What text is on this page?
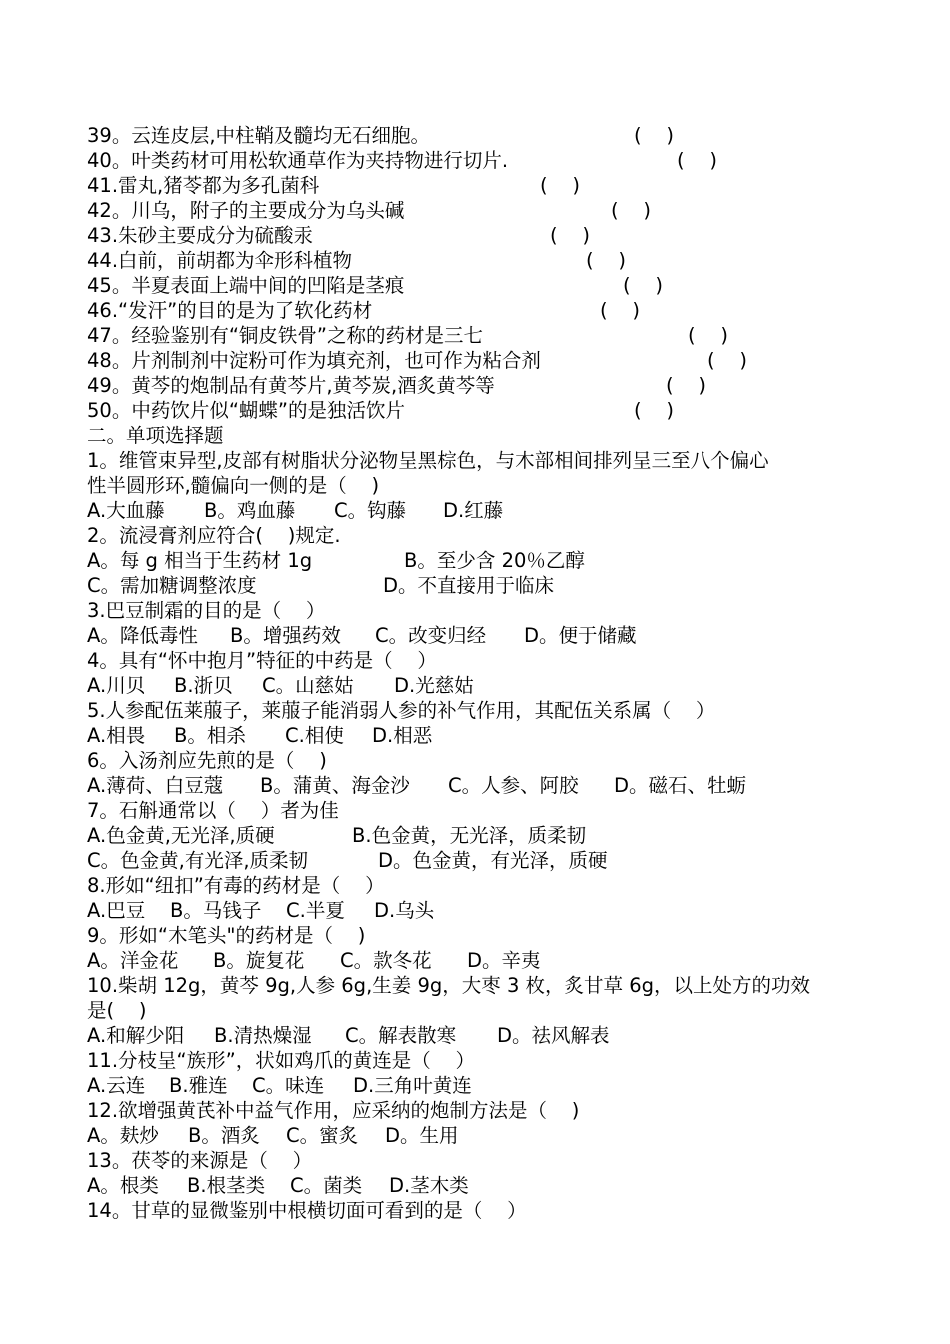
39。云连皮层,中柱鞘及髓均无石细胞。	(    )
40。叶类药材可用松软通草作为夹持物进行切片.	(    )
41.雷丸,猪苓都为多孔菌科	(    )
42。川乌，附子的主要成分为乌头碱	(    )
43.朱砂主要成分为硫酸汞	(    )
44.白前，前胡都为伞形科植物	(    )
45。半夏表面上端中间的凹陷是茎痕	(    )
46.“发汗”的目的是为了软化药材	(    )
47。经验鉴别有“铜皮铁骨”之称的药材是三七	(    )
48。片剂制剂中淀粉可作为填充剂，也可作为粘合剂	(    )
49。黄芩的炮制品有黄芩片,黄芩炭,酒炙黄芩等	(    )
50。中药饮片似“蝴蝶”的是独活饮片	(    )
二。单项选择题
1。维管束异型,皮部有树脂状分泌物呈黑棕色，与木部相间排列呈三至八个偏心
性半圆形环,髓偏向一侧的是（    )
A.大血藤 B。鸡血藤 C。钩藤 D.红藤
2。流浸膏剂应符合(    )规定.
A。每 g 相当于生药材 1g	B。至少含 20％乙醇
C。需加糖调整浓度	D。不直接用于临床
3.巴豆制霜的目的是（    ）
A。降低毒性 B。增强药效 C。改变归经 D。便于储藏
4。具有“怀中抱月”特征的中药是（    ）
A.川贝 B.浙贝 C。山慈姑 D.光慈姑
5.人参配伍莱菔子，莱菔子能消弱人参的补气作用，其配伍关系属（    ）
A.相畏 B。相杀 C.相使 D.相恶
6。入汤剂应先煎的是（    )
A.薄荷、白豆蔻 B。蒲黄、海金沙 C。人参、阿胶 D。磁石、牡蛎
7。石斛通常以（    ）者为佳
A.色金黄,无光泽,质硬	B.色金黄，无光泽，质柔韧
C。色金黄,有光泽,质柔韧	D。色金黄，有光泽，质硬
8.形如“纽扣”有毒的药材是（    ）
A.巴豆 B。马钱子 C.半夏 D.乌头
9。形如“木笔头"的药材是（    )
A。洋金花 B。旋复花 C。款冬花 D。辛夷
10.柴胡 12g，黄芩 9g,人参 6g,生姜 9g，大枣 3 枚，炙甘草 6g，以上处方的功效
是(    )
A.和解少阳 B.清热燥湿 C。解表散寒 D。祛风解表
11.分枝呈“族形”，状如鸡爪的黄连是（    ）
A.云连 B.雅连 C。味连 D.三角叶黄连
12.欲增强黄芪补中益气作用，应采纳的炮制方法是（    )
A。麸炒 B。酒炙 C。蜜炙 D。生用
13。茯苓的来源是（    ）
A。根类 B.根茎类 C。菌类 D.茎木类
14。甘草的显微鉴别中根横切面可看到的是（    ）
